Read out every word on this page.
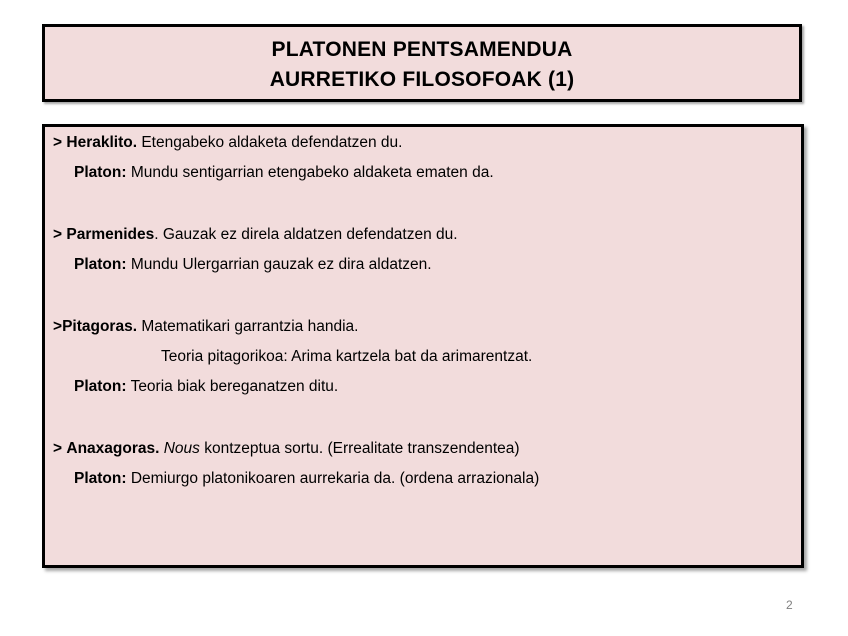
PLATONEN PENTSAMENDUA
AURRETIKO FILOSOFOAK (1)
> Heraklito. Etengabeko aldaketa defendatzen du.
Platon: Mundu sentigarrian etengabeko aldaketa ematen da.
> Parmenides. Gauzak ez direla aldatzen defendatzen du.
Platon: Mundu Ulergarrian gauzak ez dira aldatzen.
>Pitagoras. Matematikari garrantzia handia.
Teoria pitagorikoa: Arima kartzela bat da arimarentzat.
Platon: Teoria biak bereganatzen ditu.
> Anaxagoras. Nous kontzeptua sortu. (Errealitate transzendentea)
Platon: Demiurgo platonikoaren aurrekaria da. (ordena arrazionala)
2
